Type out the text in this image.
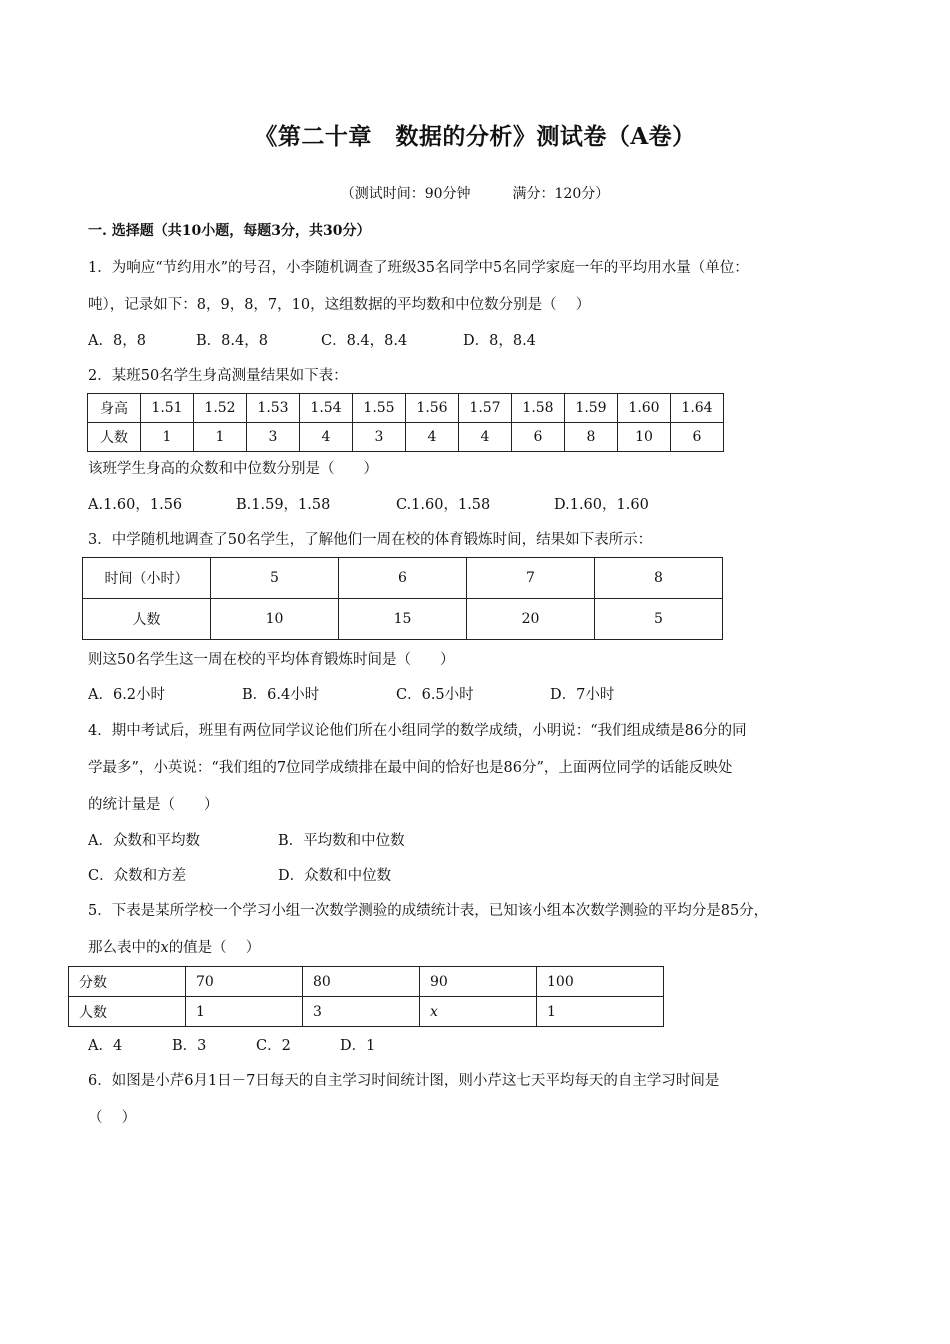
《第二十章　数据的分析》测试卷（A卷）
（测试时间：90分钟	满分：120分）
一. 选择题（共10小题，每题3分，共30分）
1．为响应“节约用水”的号召，小李随机调查了班级35名同学中5名同学家庭一年的平均用水量（单位：
吨），记录如下：8，9，8，7，10，这组数据的平均数和中位数分别是（　 ）
A．8，8	B．8.4，8	C．8.4，8.4	D．8，8.4
2．某班50名学生身高测量结果如下表：
身高	1.51	1.52	1.53	1.54	1.55	1.56	1.57	1.58	1.59	1.60	1.64
人数	1	1	3	4	3	4	4	6	8	10	6
该班学生身高的众数和中位数分别是（　　）
A.1.60，1.56	B.1.59，1.58	C.1.60，1.58	D.1.60，1.60
3．中学随机地调查了50名学生，了解他们一周在校的体育锻炼时间，结果如下表所示：
时间（小时）	5	6	7	8
人数	10	15	20	5
则这50名学生这一周在校的平均体育锻炼时间是（　　）
A．6.2小时	B．6.4小时	C．6.5小时	D．7小时
4．期中考试后，班里有两位同学议论他们所在小组同学的数学成绩，小明说：“我们组成绩是86分的同
学最多”，小英说：“我们组的7位同学成绩排在最中间的恰好也是86分”，上面两位同学的话能反映处
的统计量是（　　）
A．众数和平均数	B．平均数和中位数
C．众数和方差	D．众数和中位数
5．下表是某所学校一个学习小组一次数学测验的成绩统计表，已知该小组本次数学测验的平均分是85分，
那么表中的x的值是（　 ）
分数	70	80	90	100
人数	1	3	x	1
A．4	B．3	C．2	D．1
6．如图是小芹6月1日－7日每天的自主学习时间统计图，则小芹这七天平均每天的自主学习时间是
（　 ）
